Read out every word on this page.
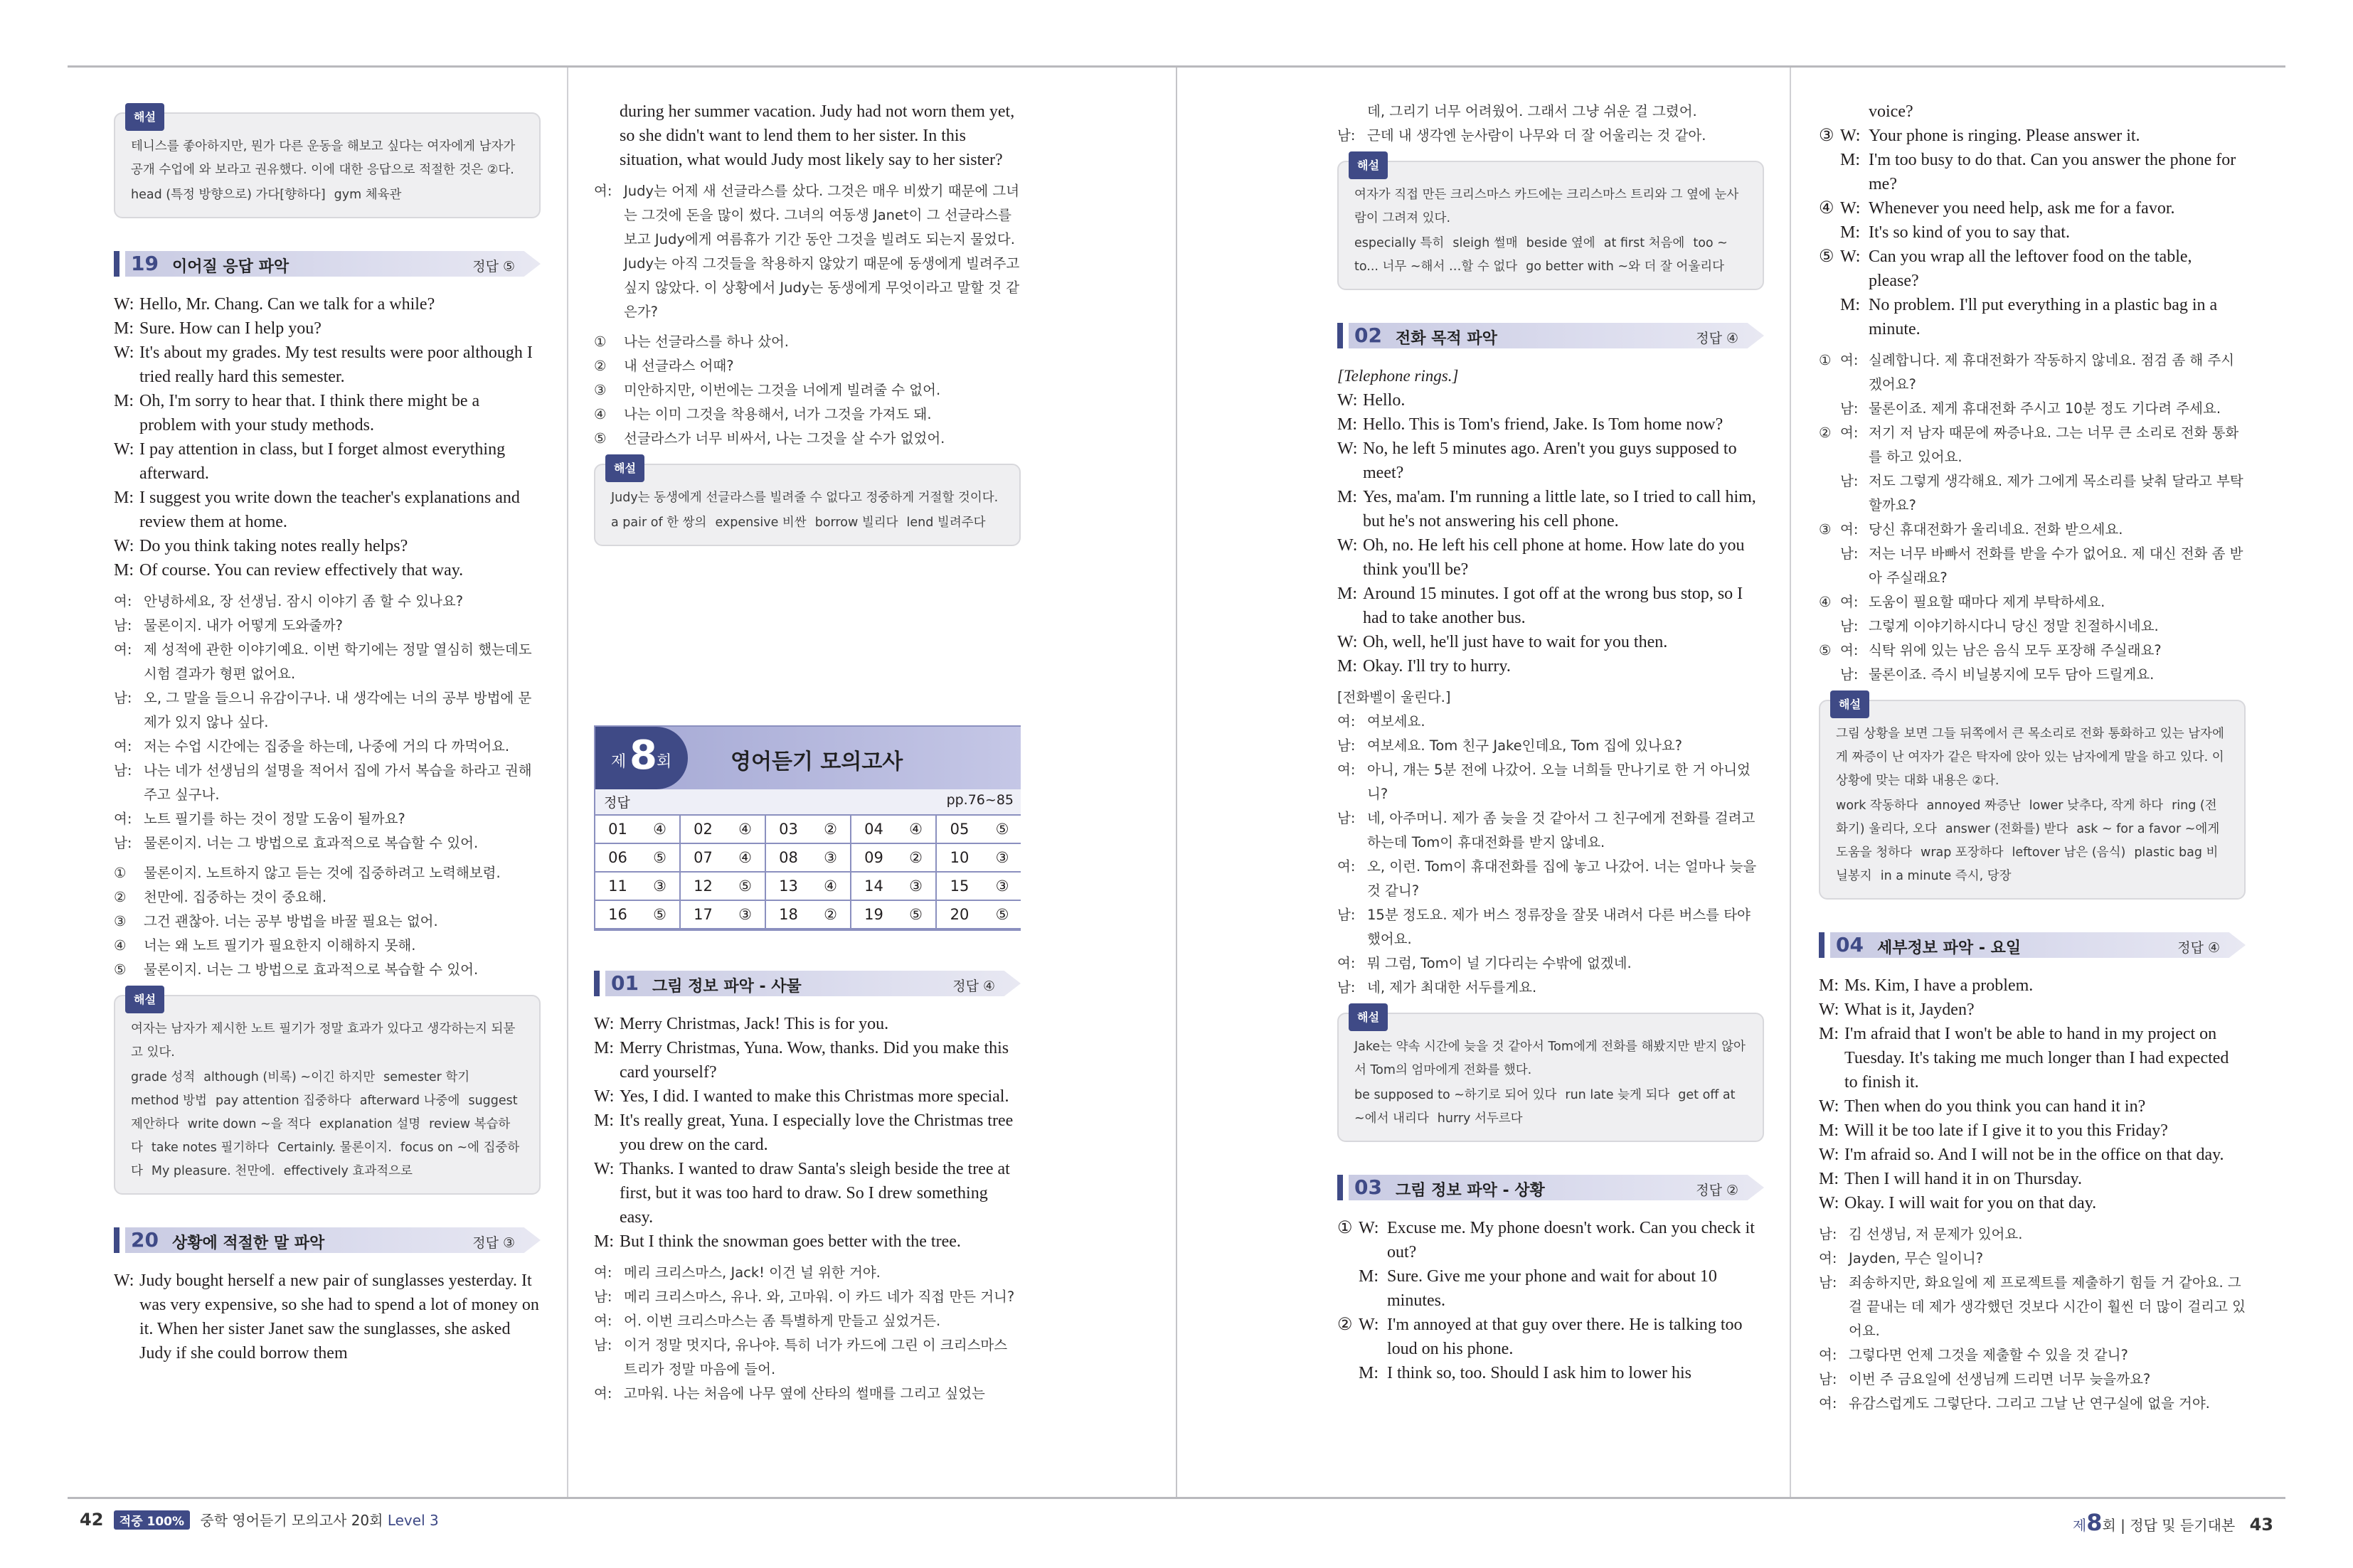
해설

테니스를 좋아하지만, 뭔가 다른 운동을 해보고 싶다는 여자에게 남자가 공개 수업에 와 보라고 권유했다. 이에 대한 응답으로 적절한 것은 ②다.

head (특정 방향으로) 가다[향하다] gym 체육관
19 이어질 응답 파악	정답 ⑤
W: Hello, Mr. Chang. Can we talk for a while?
M: Sure. How can I help you?
W: It's about my grades. My test results were poor although I tried really hard this semester.
M: Oh, I'm sorry to hear that. I think there might be a problem with your study methods.
W: I pay attention in class, but I forget almost everything afterward.
M: I suggest you write down the teacher's explanations and review them at home.
W: Do you think taking notes really helps?
M: Of course. You can review effectively that way.
여: 안녕하세요, 장 선생님. 잠시 이야기 좀 할 수 있나요?
남: 물론이지. 내가 어떻게 도와줄까?
여: 제 성적에 관한 이야기예요. 이번 학기에는 정말 열심히 했는데도 시험 결과가 형편 없어요.
남: 오, 그 말을 들으니 유감이구나. 내 생각에는 너의 공부 방법에 문제가 있지 않나 싶다.
여: 저는 수업 시간에는 집중을 하는데, 나중에 거의 다 까먹어요.
남: 나는 네가 선생님의 설명을 적어서 집에 가서 복습을 하라고 권해주고 싶구나.
여: 노트 필기를 하는 것이 정말 도움이 될까요?
남: 물론이지. 너는 그 방법으로 효과적으로 복습할 수 있어.
①	물론이지. 노트하지 않고 듣는 것에 집중하려고 노력해보렴.
②	천만에. 집중하는 것이 중요해.
③	그건 괜찮아. 너는 공부 방법을 바꿀 필요는 없어.
④	너는 왜 노트 필기가 필요한지 이해하지 못해.
⑤	물론이지. 너는 그 방법으로 효과적으로 복습할 수 있어.
해설

여자는 남자가 제시한 노트 필기가 정말 효과가 있다고 생각하는지 되묻고 있다.

grade 성적 although (비록) ~이긴 하지만 semester 학기method 방법 pay attention 집중하다 afterward 나중에 suggest 제안하다 write down ~을 적다 explanation 설명 review 복습하다 take notes 필기하다 Certainly. 물론이지. focus on ~에 집중하다 My pleasure. 천만에. effectively 효과적으로
20 상황에 적절한 말 파악	정답 ③
W: Judy bought herself a new pair of sunglasses yesterday. It was very expensive, so she had to spend a lot of money on it. When her sister Janet saw the sunglasses, she asked Judy if she could borrow them
during her summer vacation. Judy had not worn them yet, so she didn't want to lend them to her sister. In this situation, what would Judy most likely say to her sister?
여: Judy는 어제 새 선글라스를 샀다. 그것은 매우 비쌌기 때문에 그녀는 그것에 돈을 많이 썼다. 그녀의 여동생 Janet이 그 선글라스를 보고 Judy에게 여름휴가 기간 동안 그것을 빌려도 되는지 물었다. Judy는 아직 그것들을 착용하지 않았기 때문에 동생에게 빌려주고 싶지 않았다. 이 상황에서 Judy는 동생에게 무엇이라고 말할 것 같은가?
①	나는 선글라스를 하나 샀어.
②	내 선글라스 어때?
③	미안하지만, 이번에는 그것을 너에게 빌려줄 수 없어.
④	나는 이미 그것을 착용해서, 너가 그것을 가져도 돼.
⑤	선글라스가 너무 비싸서, 나는 그것을 살 수가 없었어.
해설

Judy는 동생에게 선글라스를 빌려줄 수 없다고 정중하게 거절할 것이다.

a pair of 한 쌍의 expensive 비싼 borrow 빌리다 lend 빌려주다
제 8 회	영어듣기 모의고사
정답	pp.76~85
01 ④ 02 ④ 03 ② 04 ④ 05 ⑤
06 ⑤ 07 ④ 08 ③ 09 ② 10 ③
11 ③ 12 ⑤ 13 ④ 14 ③ 15 ③
16 ⑤ 17 ③ 18 ② 19 ⑤ 20 ⑤
01 그림 정보 파악 - 사물	정답 ④
W: Merry Christmas, Jack! This is for you.
M: Merry Christmas, Yuna. Wow, thanks. Did you make this card yourself?
W: Yes, I did. I wanted to make this Christmas more special.
M: It's really great, Yuna. I especially love the Christmas tree you drew on the card.
W: Thanks. I wanted to draw Santa's sleigh beside the tree at first, but it was too hard to draw. So I drew something easy.
M: But I think the snowman goes better with the tree.
여: 메리 크리스마스, Jack! 이건 널 위한 거야.
남: 메리 크리스마스, 유나. 와, 고마워. 이 카드 네가 직접 만든 거니?
여: 어. 이번 크리스마스는 좀 특별하게 만들고 싶었거든.
남: 이거 정말 멋지다, 유나야. 특히 너가 카드에 그린 이 크리스마스 트리가 정말 마음에 들어.
여: 고마워. 나는 처음에 나무 옆에 산타의 썰매를 그리고 싶었는
데, 그리기 너무 어려웠어. 그래서 그냥 쉬운 걸 그렸어.
남: 근데 내 생각엔 눈사람이 나무와 더 잘 어울리는 것 같아.
해설

여자가 직접 만든 크리스마스 카드에는 크리스마스 트리와 그 옆에 눈사람이 그려져 있다.

especially 특히 sleigh 썰매 beside 옆에 at first 처음에 too ~ to... 너무 ~해서 …할 수 없다 go better with ~와 더 잘 어울리다
02 전화 목적 파악	정답 ④
[Telephone rings.]
W: Hello.
M: Hello. This is Tom's friend, Jake. Is Tom home now?
W: No, he left 5 minutes ago. Aren't you guys supposed to meet?
M: Yes, ma'am. I'm running a little late, so I tried to call him, but he's not answering his cell phone.
W: Oh, no. He left his cell phone at home. How late do you think you'll be?
M: Around 15 minutes. I got off at the wrong bus stop, so I had to take another bus.
W: Oh, well, he'll just have to wait for you then.
M: Okay. I'll try to hurry.
[전화벨이 울린다.]
여: 여보세요.
남: 여보세요. Tom 친구 Jake인데요, Tom 집에 있나요?
여: 아니, 걔는 5분 전에 나갔어. 오늘 너희들 만나기로 한 거 아니었니?
남: 네, 아주머니. 제가 좀 늦을 것 같아서 그 친구에게 전화를 걸려고 하는데 Tom이 휴대전화를 받지 않네요.
여: 오, 이런. Tom이 휴대전화를 집에 놓고 나갔어. 너는 얼마나 늦을 것 같니?
남: 15분 정도요. 제가 버스 정류장을 잘못 내려서 다른 버스를 타야 했어요.
여: 뭐 그럼, Tom이 널 기다리는 수밖에 없겠네.
남: 네, 제가 최대한 서두를게요.
해설

Jake는 약속 시간에 늦을 것 같아서 Tom에게 전화를 해봤지만 받지 않아서 Tom의 엄마에게 전화를 했다.

be supposed to ~하기로 되어 있다 run late 늦게 되다 get off at ~에서 내리다 hurry 서두르다
03 그림 정보 파악 - 상황	정답 ②
① W: Excuse me. My phone doesn't work. Can you check it out?
M: Sure. Give me your phone and wait for about 10 minutes.
② W: I'm annoyed at that guy over there. He is talking too loud on his phone.
M: I think so, too. Should I ask him to lower his
voice?
③ W: Your phone is ringing. Please answer it.
M: I'm too busy to do that. Can you answer the phone for me?
④ W: Whenever you need help, ask me for a favor.
M: It's so kind of you to say that.
⑤ W: Can you wrap all the leftover food on the table, please?
M: No problem. I'll put everything in a plastic bag in a minute.
① 여: 실례합니다. 제 휴대전화가 작동하지 않네요. 점검 좀 해 주시겠어요?
남: 물론이죠. 제게 휴대전화 주시고 10분 정도 기다려 주세요.
② 여: 저기 저 남자 때문에 짜증나요. 그는 너무 큰 소리로 전화 통화를 하고 있어요.
남: 저도 그렇게 생각해요. 제가 그에게 목소리를 낮춰 달라고 부탁할까요?
③ 여: 당신 휴대전화가 울리네요. 전화 받으세요.
남: 저는 너무 바빠서 전화를 받을 수가 없어요. 제 대신 전화 좀 받아 주실래요?
④ 여: 도움이 필요할 때마다 제게 부탁하세요.
남: 그렇게 이야기하시다니 당신 정말 친절하시네요.
⑤ 여: 식탁 위에 있는 남은 음식 모두 포장해 주실래요?
남: 물론이죠. 즉시 비닐봉지에 모두 담아 드릴게요.
해설

그림 상황을 보면 그들 뒤쪽에서 큰 목소리로 전화 통화하고 있는 남자에게 짜증이 난 여자가 같은 탁자에 앉아 있는 남자에게 말을 하고 있다. 이 상황에 맞는 대화 내용은 ②다.

work 작동하다 annoyed 짜증난 lower 낮추다, 작게 하다 ring (전화기) 울리다, 오다 answer (전화를) 받다 ask ~ for a favor ~에게 도움을 청하다 wrap 포장하다 leftover 남은 (음식) plastic bag 비닐봉지 in a minute 즉시, 당장
04 세부정보 파악 - 요일	정답 ④
M: Ms. Kim, I have a problem.
W: What is it, Jayden?
M: I'm afraid that I won't be able to hand in my project on Tuesday. It's taking me much longer than I had expected to finish it.
W: Then when do you think you can hand it in?
M: Will it be too late if I give it to you this Friday?
W: I'm afraid so. And I will not be in the office on that day.
M: Then I will hand it in on Thursday.
W: Okay. I will wait for you on that day.
남: 김 선생님, 저 문제가 있어요.
여: Jayden, 무슨 일이니?
남: 죄송하지만, 화요일에 제 프로젝트를 제출하기 힘들 거 같아요. 그걸 끝내는 데 제가 생각했던 것보다 시간이 훨씬 더 많이 걸리고 있어요.
여: 그렇다면 언제 그것을 제출할 수 있을 것 같니?
남: 이번 주 금요일에 선생님께 드리면 너무 늦을까요?
여: 유감스럽게도 그렇단다. 그리고 그날 난 연구실에 없을 거야.
42 적중 100% 중학 영어듣기 모의고사 20회 Level 3	제8회 | 정답 및 듣기대본 43
